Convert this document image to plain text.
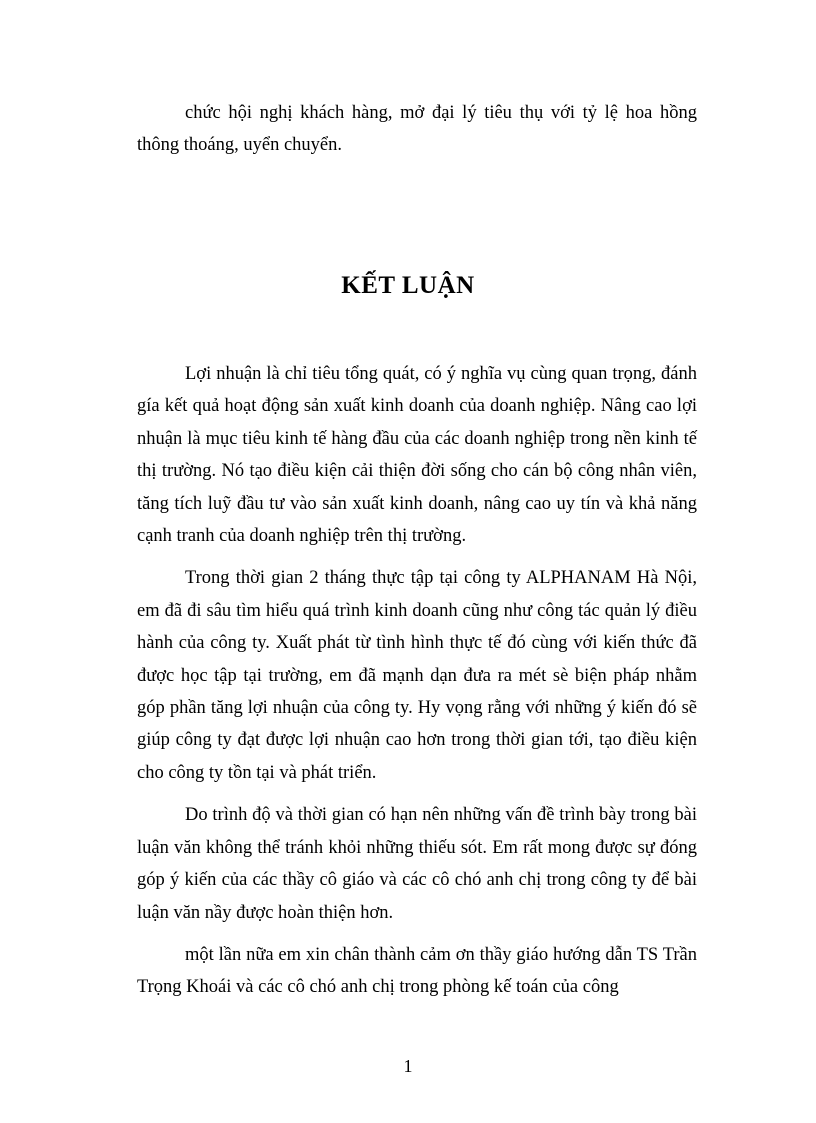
chức hội nghị khách hàng, mở đại lý tiêu thụ với tỷ lệ hoa hồng thông thoáng, uyển chuyển.

KẾT LUẬN

Lợi nhuận là chỉ tiêu tổng quát, có ý nghĩa vụ cùng quan trọng, đánh gía kết quả hoạt động sản xuất kinh doanh của doanh nghiệp. Nâng cao lợi nhuận là mục tiêu kinh tế hàng đầu của các doanh nghiệp trong nền kinh tế thị trường. Nó tạo điều kiện cải thiện đời sống cho cán bộ công nhân viên, tăng tích luỹ đầu tư vào sản xuất kinh doanh, nâng cao uy tín và khả năng cạnh tranh của doanh nghiệp trên thị trường.

Trong thời gian 2 tháng thực tập tại công ty ALPHANAM Hà Nội, em đã đi sâu tìm hiểu quá trình kinh doanh cũng như công tác quản lý điều hành của công ty. Xuất phát từ tình hình thực tế đó cùng với kiến thức đã được học tập tại trường, em đã mạnh dạn đưa ra mét sè biện pháp nhằm góp phần tăng lợi nhuận của công ty. Hy vọng rằng với những ý kiến đó sẽ giúp công ty đạt được lợi nhuận cao hơn trong thời gian tới, tạo điều kiện cho công ty tồn tại và phát triển.

Do trình độ và thời gian có hạn nên những vấn đề trình bày trong bài luận văn không thể tránh khỏi những thiếu sót. Em rất mong được sự đóng góp ý kiến của các thầy cô giáo và các cô chó anh chị trong công ty để bài luận văn nầy được hoàn thiện hơn.

một lần nữa em xin chân thành cảm ơn thầy giáo hướng dẫn TS Trần Trọng Khoái và các cô chó anh chị trong phòng kế toán của công

1
